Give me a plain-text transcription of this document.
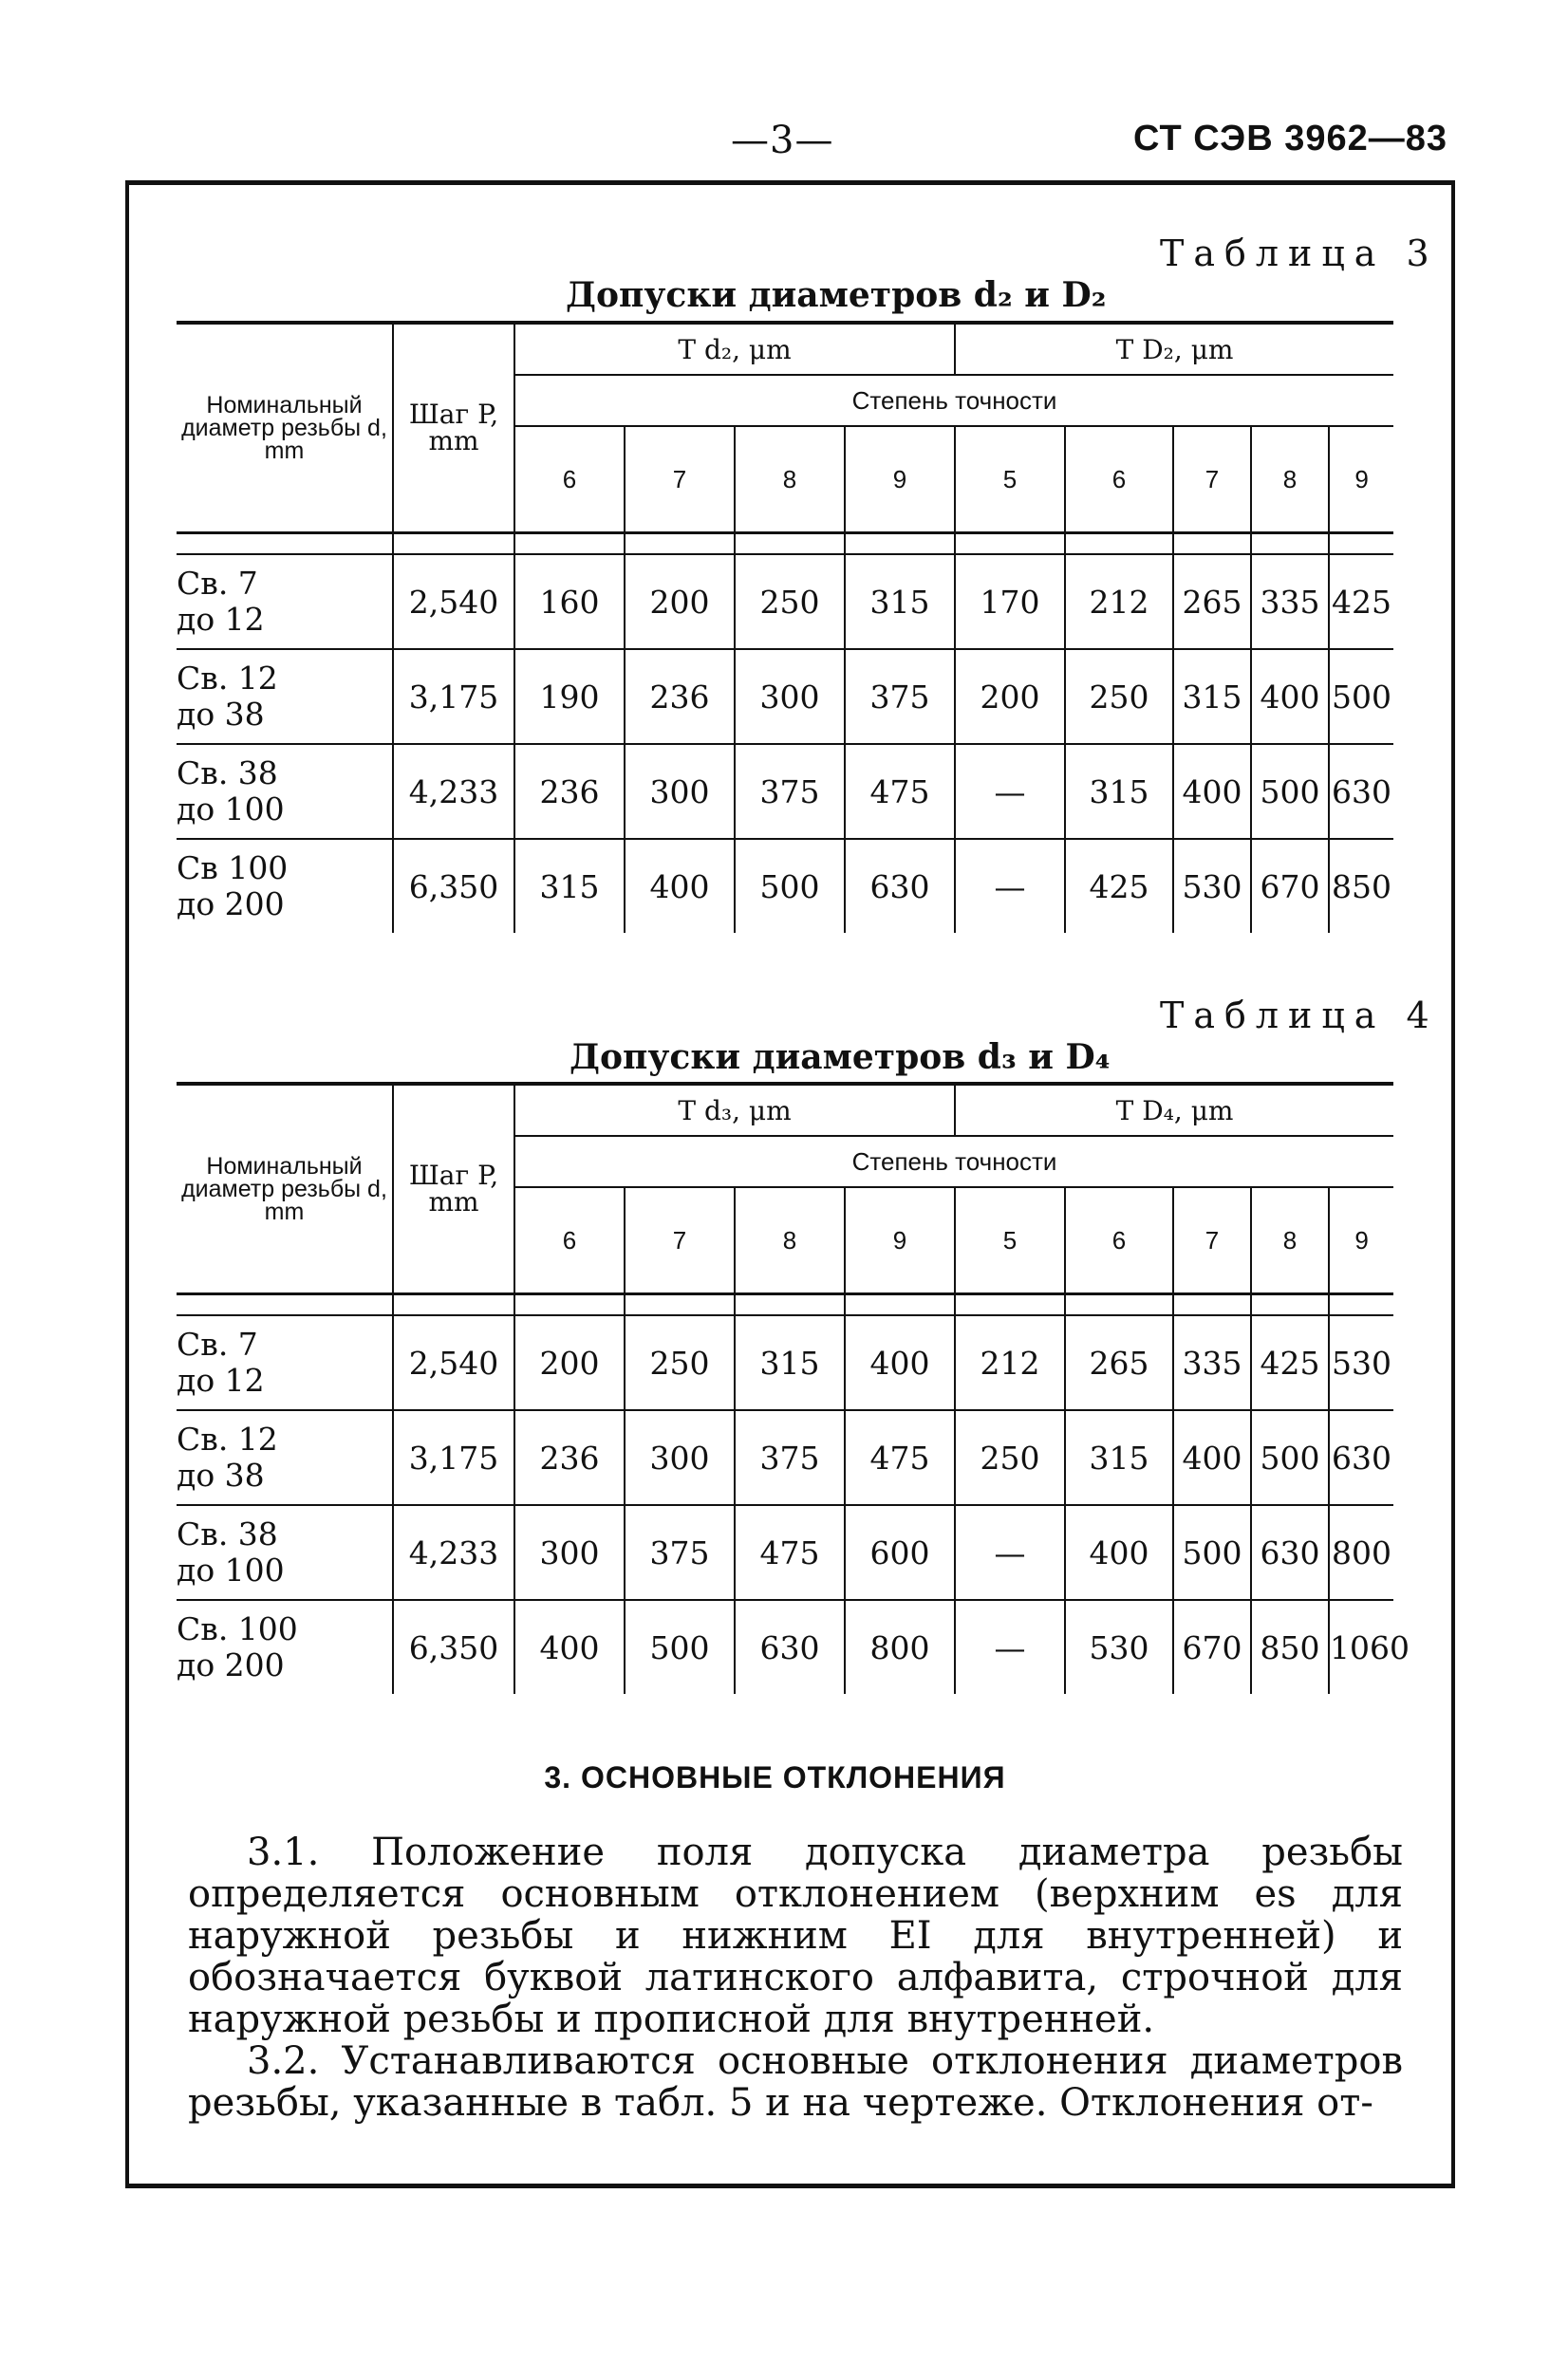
—3—	СТ СЭВ 3962—83
Таблица 3
Допуски диаметров d₂ и D₂
Номинальный диаметр резьбы d, mm	Шаг P, mm	T d₂, μm				T D₂, μm				
		Степень точности								
		6	7	8	9	5	6	7	8	9

Св. 7
до 12	2,540	160	200	250	315	170	212	265	335	425
Св. 12
до 38	3,175	190	236	300	375	200	250	315	400	500
Св. 38
до 100	4,233	236	300	375	475	—	315	400	500	630
Св 100
до 200	6,350	315	400	500	630	—	425	530	670	850
Таблица 4
Допуски диаметров d₃ и D₄
Номинальный диаметр резьбы d, mm	Шаг P, mm	T d₃, μm				T D₄, μm				
		Степень точности								
		6	7	8	9	5	6	7	8	9

Св. 7
до 12	2,540	200	250	315	400	212	265	335	425	530
Св. 12
до 38	3,175	236	300	375	475	250	315	400	500	630
Св. 38
до 100	4,233	300	375	475	600	—	400	500	630	800
Св. 100
до 200	6,350	400	500	630	800	—	530	670	850	1060
3. ОСНОВНЫЕ ОТКЛОНЕНИЯ
3.1. Положение поля допуска диаметра резьбы определяется основным отклонением (верхним es для наружной резьбы и нижним EI для внутренней) и обозначается буквой латинского алфавита, строчной для наружной резьбы и прописной для внутренней.
3.2. Устанавливаются основные отклонения диаметров резьбы, указанные в табл. 5 и на чертеже. Отклонения от-
